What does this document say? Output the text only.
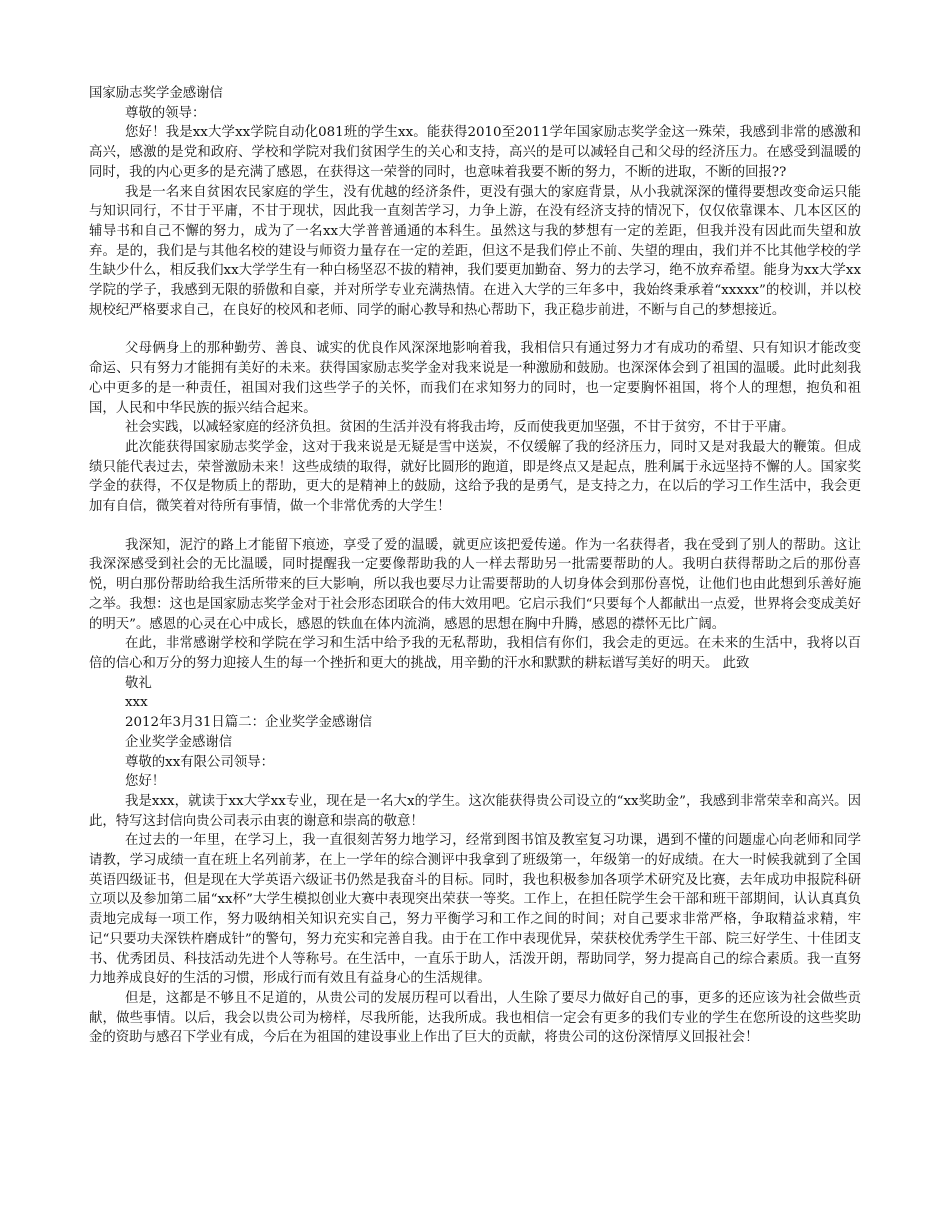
国家励志奖学金感谢信

尊敬的领导：

您好！我是xx大学xx学院自动化081班的学生xx。能获得2010至2011学年国家励志奖学金这一殊荣，我感到非常的感激和高兴，感激的是党和政府、学校和学院对我们贫困学生的关心和支持，高兴的是可以减轻自己和父母的经济压力。在感受到温暖的同时，我的内心更多的是充满了感恩，在获得这一荣誉的同时，也意味着我要不断的努力，不断的进取，不断的回报??

我是一名来自贫困农民家庭的学生，没有优越的经济条件，更没有强大的家庭背景，从小我就深深的懂得要想改变命运只能与知识同行，不甘于平庸，不甘于现状，因此我一直刻苦学习，力争上游，在没有经济支持的情况下，仅仅依靠课本、几本区区的辅导书和自己不懈的努力，成为了一名xx大学普普通通的本科生。虽然这与我的梦想有一定的差距，但我并没有因此而失望和放弃。是的，我们是与其他名校的建设与师资力量存在一定的差距，但这不是我们停止不前、失望的理由，我们并不比其他学校的学生缺少什么，相反我们xx大学学生有一种白杨坚忍不拔的精神，我们要更加勤奋、努力的去学习，绝不放弃希望。能身为xx大学xx学院的学子，我感到无限的骄傲和自豪，并对所学专业充满热情。在进入大学的三年多中，我始终秉承着“xxxxx”的校训，并以校规校纪严格要求自己，在良好的校风和老师、同学的耐心教导和热心帮助下，我正稳步前进，不断与自己的梦想接近。

父母俩身上的那种勤劳、善良、诚实的优良作风深深地影响着我，我相信只有通过努力才有成功的希望、只有知识才能改变命运、只有努力才能拥有美好的未来。获得国家励志奖学金对我来说是一种激励和鼓励。也深深体会到了祖国的温暖。此时此刻我心中更多的是一种责任，祖国对我们这些学子的关怀，而我们在求知努力的同时，也一定要胸怀祖国，将个人的理想，抱负和祖国，人民和中华民族的振兴结合起来。

社会实践，以减轻家庭的经济负担。贫困的生活并没有将我击垮，反而使我更加坚强，不甘于贫穷，不甘于平庸。

此次能获得国家励志奖学金，这对于我来说是无疑是雪中送炭，不仅缓解了我的经济压力，同时又是对我最大的鞭策。但成绩只能代表过去，荣誉激励未来！这些成绩的取得，就好比圆形的跑道，即是终点又是起点，胜利属于永远坚持不懈的人。国家奖学金的获得，不仅是物质上的帮助，更大的是精神上的鼓励，这给予我的是勇气，是支持之力，在以后的学习工作生活中，我会更加有自信，微笑着对待所有事情，做一个非常优秀的大学生！

我深知，泥泞的路上才能留下痕迹，享受了爱的温暖，就更应该把爱传递。作为一名获得者，我在受到了别人的帮助。这让我深深感受到社会的无比温暖，同时提醒我一定要像帮助我的人一样去帮助另一批需要帮助的人。我明白获得帮助之后的那份喜悦，明白那份帮助给我生活所带来的巨大影响，所以我也要尽力让需要帮助的人切身体会到那份喜悦，让他们也由此想到乐善好施之举。我想：这也是国家励志奖学金对于社会形态团联合的伟大效用吧。它启示我们“只要每个人都献出一点爱，世界将会变成美好的明天”。感恩的心灵在心中成长，感恩的铁血在体内流淌，感恩的思想在胸中升腾，感恩的襟怀无比广阔。

在此，非常感谢学校和学院在学习和生活中给予我的无私帮助，我相信有你们，我会走的更远。在未来的生活中，我将以百倍的信心和万分的努力迎接人生的每一个挫折和更大的挑战，用辛勤的汗水和默默的耕耘谱写美好的明天。 此致

敬礼

xxx

2012年3月31日篇二：企业奖学金感谢信

企业奖学金感谢信

尊敬的xx有限公司领导：

您好！

我是xxx，就读于xx大学xx专业，现在是一名大x的学生。这次能获得贵公司设立的“xx奖助金”，我感到非常荣幸和高兴。因此，特写这封信向贵公司表示由衷的谢意和崇高的敬意！

在过去的一年里，在学习上，我一直很刻苦努力地学习，经常到图书馆及教室复习功课，遇到不懂的问题虚心向老师和同学请教，学习成绩一直在班上名列前茅，在上一学年的综合测评中我拿到了班级第一，年级第一的好成绩。在大一时候我就到了全国英语四级证书，但是现在大学英语六级证书仍然是我奋斗的目标。同时，我也积极参加各项学术研究及比赛，去年成功申报院科研立项以及参加第二届“xx杯”大学生模拟创业大赛中表现突出荣获一等奖。工作上，在担任院学生会干部和班干部期间，认认真真负责地完成每一项工作，努力吸纳相关知识充实自己，努力平衡学习和工作之间的时间；对自己要求非常严格，争取精益求精，牢记“只要功夫深铁杵磨成针”的警句，努力充实和完善自我。由于在工作中表现优异，荣获校优秀学生干部、院三好学生、十佳团支书、优秀团员、科技活动先进个人等称号。在生活中，一直乐于助人，活泼开朗，帮助同学，努力提高自己的综合素质。我一直努力地养成良好的生活的习惯，形成行而有效且有益身心的生活规律。

但是，这都是不够且不足道的，从贵公司的发展历程可以看出，人生除了要尽力做好自己的事，更多的还应该为社会做些贡献，做些事情。以后，我会以贵公司为榜样，尽我所能，达我所成。我也相信一定会有更多的我们专业的学生在您所设的这些奖助金的资助与感召下学业有成，今后在为祖国的建设事业上作出了巨大的贡献，将贵公司的这份深情厚义回报社会！
